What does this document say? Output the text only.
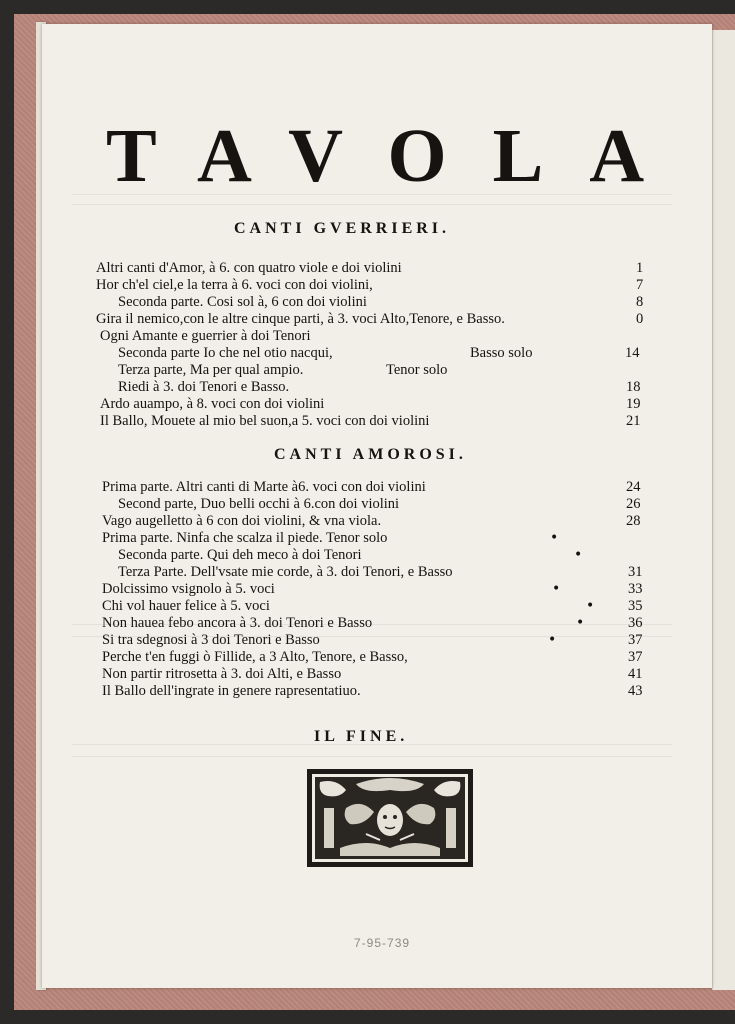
TAVOLA
CANTI GVERRIERI.
Altri canti d'Amor, à 6. con quatro viole e doi violini	1
Hor ch'el ciel,e la terra à 6. voci con doi violini,	7
Seconda parte. Cosi sol à, 6 con doi violini	8
Gira il nemico,con le altre cinque parti, à 3. voci Alto,Tenore, e Basso.	0
Ogni Amante e guerrier à doi Tenori
Seconda parte Io che nel otio nacqui,	Basso solo	14
Terza parte, Ma per qual ampio.	Tenor solo
Riedi à 3. doi Tenori e Basso.	18
Ardo auampo, à 8. voci con doi violini	19
Il Ballo, Mouete al mio bel suon,a 5. voci con doi violini	21
CANTI AMOROSI.
Prima parte. Altri canti di Marte à6. voci con doi violini	24
Second parte, Duo belli occhi à 6.con doi violini	26
Vago augelletto à 6 con doi violini, & vna viola.	28
Prima parte. Ninfa che scalza il piede. Tenor solo	•
Seconda parte. Qui deh meco à doi Tenori	•
Terza Parte. Dell'vsate mie corde, à 3. doi Tenori, e Basso	31
Dolcissimo vsignolo à 5. voci	•	33
Chi vol hauer felice à 5. voci	• 35
Non hauea febo ancora à 3. doi Tenori e Basso	•	36
Si tra sdegnosi à 3 doi Tenori e Basso	•	37
Perche t'en fuggi ò Fillide, a 3 Alto, Tenore, e Basso,	37
Non partir ritrosetta à 3. doi Alti, e Basso	41
Il Ballo dell'ingrate in genere rapresentatiuo.	43
IL FINE.
7-95-739
